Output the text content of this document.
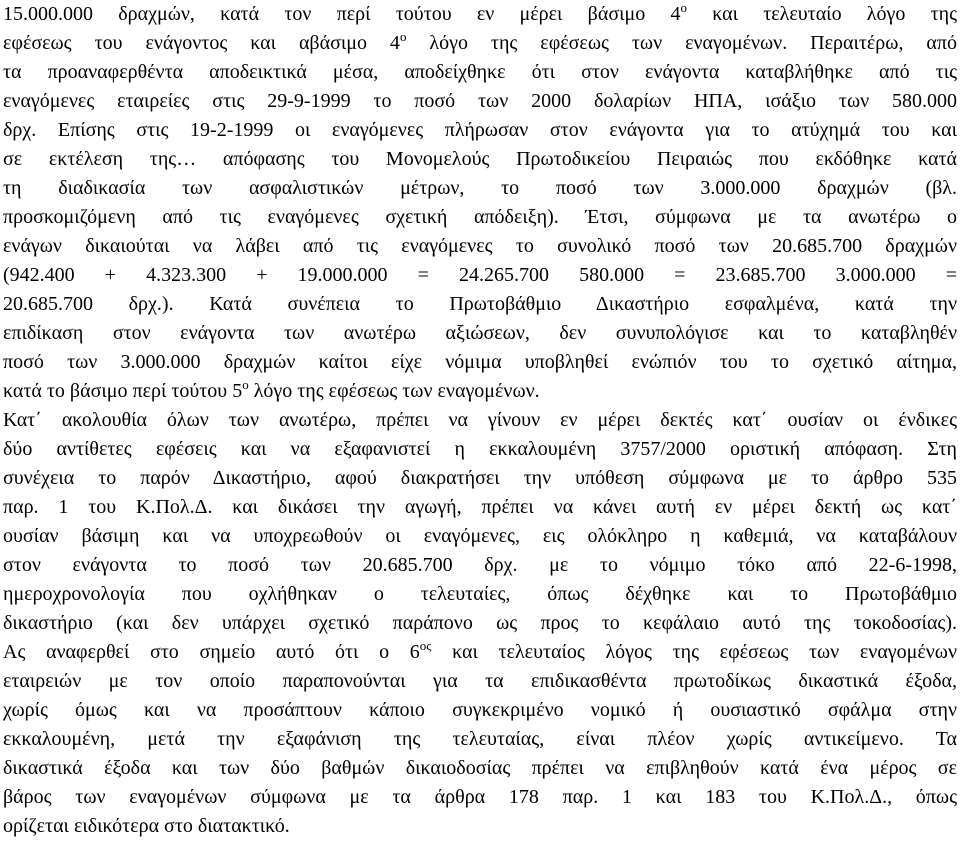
15.000.000 δραχμών, κατά τον περί τούτου εν μέρει βάσιμο $4^o$ και τελευταίο λόγο της
εφέσεως του ενάγοντος και αβάσιμο $4^o$ λόγο της εφέσεως των εναγομένων. Περαιτέρω, από
τα προαναφερθέντα αποδεικτικά μέσα, αποδείχθηκε ότι στον ενάγοντα καταβλήθηκε από τις
εναγόμενες εταιρείες στις 29-9-1999 το ποσό των 2000 δολαρίων ΗΠΑ, ισάξιο των 580.000
δρχ. Επίσης στις 19-2-1999 οι εναγόμενες πλήρωσαν στον ενάγοντα για το ατύχημά του και
σε εκτέλεση της… απόφασης του Μονομελούς Πρωτοδικείου Πειραιώς που εκδόθηκε κατά
τη διαδικασία των ασφαλιστικών μέτρων, το ποσό των 3.000.000 δραχμών (βλ.
προσκομιζόμενη από τις εναγόμενες σχετική απόδειξη). Έτσι, σύμφωνα με τα ανωτέρω ο
ενάγων δικαιούται να λάβει από τις εναγόμενες το συνολικό ποσό των 20.685.700 δραχμών
(942.400 + 4.323.300 + 19.000.000 = 24.265.700 580.000 = 23.685.700 3.000.000 =
20.685.700 δρχ.). Κατά συνέπεια το Πρωτοβάθμιο Δικαστήριο εσφαλμένα, κατά την
επιδίκαση στον ενάγοντα των ανωτέρω αξιώσεων, δεν συνυπολόγισε και το καταβληθέν
ποσό των 3.000.000 δραχμών καίτοι είχε νόμιμα υποβληθεί ενώπιόν του το σχετικό αίτημα,
κατά το βάσιμο περί τούτου $5^o$ λόγο της εφέσεως των εναγομένων.
Κατ΄ ακολουθία όλων των ανωτέρω, πρέπει να γίνουν εν μέρει δεκτές κατ΄ ουσίαν οι ένδικες
δύο αντίθετες εφέσεις και να εξαφανιστεί η εκκαλουμένη 3757/2000 οριστική απόφαση. Στη
συνέχεια το παρόν Δικαστήριο, αφού διακρατήσει την υπόθεση σύμφωνα με το άρθρο 535
παρ. 1 του Κ.Πολ.Δ. και δικάσει την αγωγή, πρέπει να κάνει αυτή εν μέρει δεκτή ως κατ΄
ουσίαν βάσιμη και να υποχρεωθούν οι εναγόμενες, εις ολόκληρο η καθεμιά, να καταβάλουν
στον ενάγοντα το ποσό των 20.685.700 δρχ. με το νόμιμο τόκο από 22-6-1998,
ημερoχρονολογία που οχλήθηκαν ο τελευταίες, όπως δέχθηκε και το Πρωτοβάθμιο
δικαστήριο (και δεν υπάρχει σχετικό παράπονο ως προς το κεφάλαιο αυτό της τοκοδοσίας).
Ας αναφερθεί στο σημείο αυτό ότι ο $6^{o\varsigma}$ και τελευταίος λόγος της εφέσεως των εναγομένων
εταιρειών με τον οποίο παραπονούνται για τα επιδικασθέντα πρωτοδίκως δικαστικά έξοδα,
χωρίς όμως και να προσάπτουν κάποιο συγκεκριμένο νομικό ή ουσιαστικό σφάλμα στην
εκκαλουμένη, μετά την εξαφάνιση της τελευταίας, είναι πλέον χωρίς αντικείμενο. Τα
δικαστικά έξοδα και των δύο βαθμών δικαιοδοσίας πρέπει να επιβληθούν κατά ένα μέρος σε
βάρος των εναγομένων σύμφωνα με τα άρθρα 178 παρ. 1 και 183 του Κ.Πολ.Δ., όπως
ορίζεται ειδικότερα στο διατακτικό.
